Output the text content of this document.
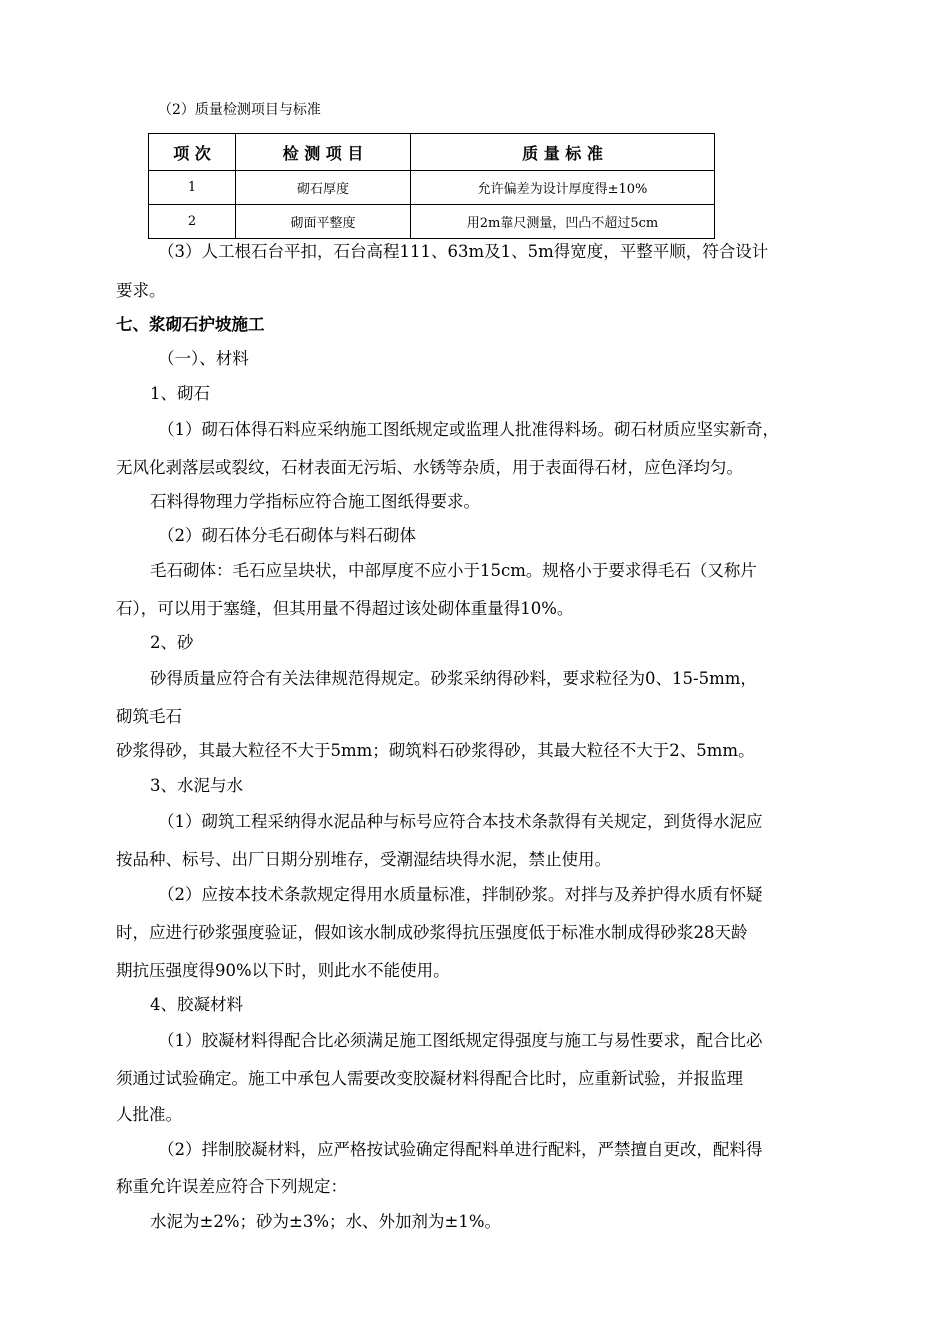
（2）质量检测项目与标准
项 次	检 测 项 目	质 量 标 准
1	砌石厚度	允许偏差为设计厚度得±10%
2	砌面平整度	用2m靠尺测量，凹凸不超过5cm
（3）人工根石台平扣，石台高程111、63m及1、5m得宽度，平整平顺，符合设计
要求。
七、浆砌石护坡施工
（一）、材料
1、砌石
（1）砌石体得石料应采纳施工图纸规定或监理人批准得料场。砌石材质应坚实新奇，
无风化剥落层或裂纹，石材表面无污垢、水锈等杂质，用于表面得石材，应色泽均匀。
石料得物理力学指标应符合施工图纸得要求。
（2）砌石体分毛石砌体与料石砌体
毛石砌体：毛石应呈块状，中部厚度不应小于15cm。规格小于要求得毛石（又称片
石），可以用于塞缝，但其用量不得超过该处砌体重量得10%。
2、砂
砂得质量应符合有关法律规范得规定。砂浆采纳得砂料，要求粒径为0、15-5mm，
砌筑毛石
砂浆得砂，其最大粒径不大于5mm；砌筑料石砂浆得砂，其最大粒径不大于2、5mm。
3、水泥与水
（1）砌筑工程采纳得水泥品种与标号应符合本技术条款得有关规定，到货得水泥应
按品种、标号、出厂日期分别堆存，受潮湿结块得水泥，禁止使用。
（2）应按本技术条款规定得用水质量标准，拌制砂浆。对拌与及养护得水质有怀疑
时，应进行砂浆强度验证，假如该水制成砂浆得抗压强度低于标准水制成得砂浆28天龄
期抗压强度得90%以下时，则此水不能使用。
4、胶凝材料
（1）胶凝材料得配合比必须满足施工图纸规定得强度与施工与易性要求，配合比必
须通过试验确定。施工中承包人需要改变胶凝材料得配合比时，应重新试验，并报监理
人批准。
（2）拌制胶凝材料，应严格按试验确定得配料单进行配料，严禁擅自更改，配料得
称重允许误差应符合下列规定：
水泥为±2%；砂为±3%；水、外加剂为±1%。
